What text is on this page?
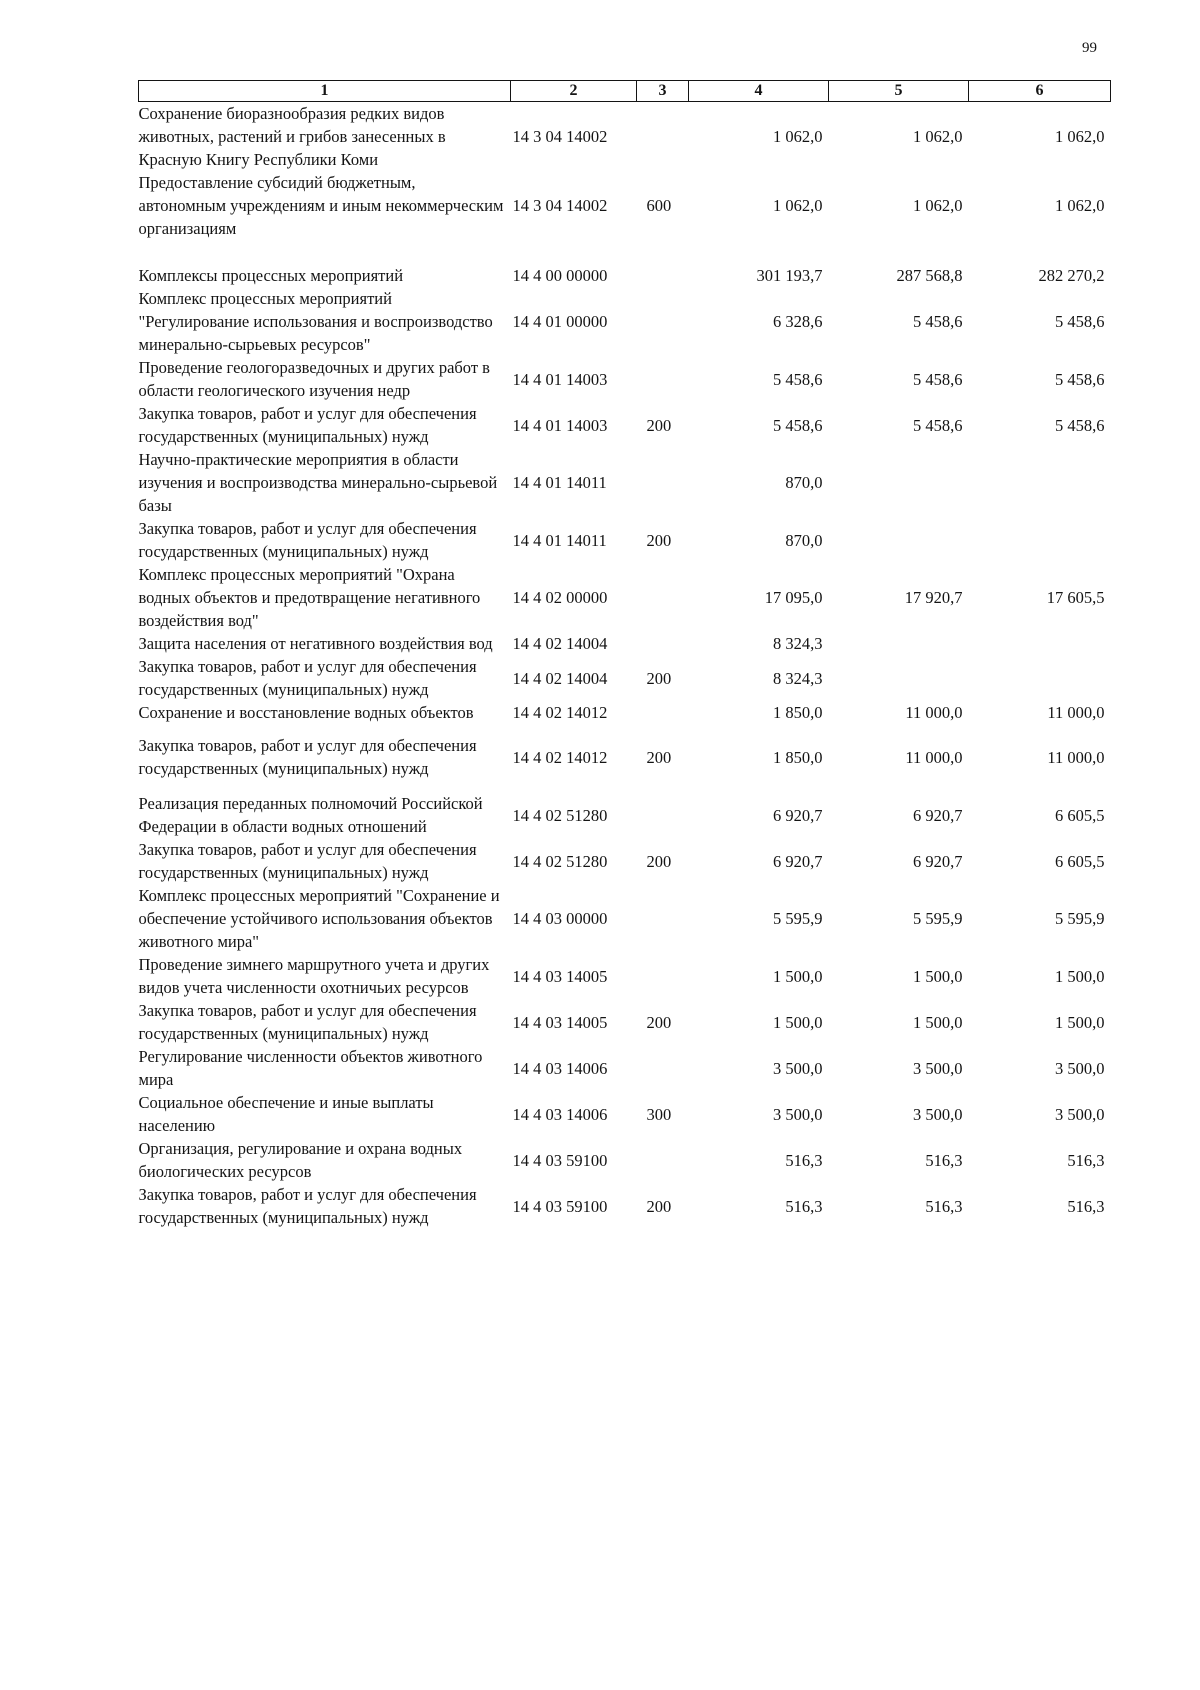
99
1	2	3	4	5	6
Сохранение биоразнообразия редких видов животных, растений и грибов занесенных в Красную Книгу Республики Коми	14 3 04 14002		1 062,0	1 062,0	1 062,0
Предоставление субсидий бюджетным, автономным учреждениям и иным некоммерческим организациям	14 3 04 14002	600	1 062,0	1 062,0	1 062,0
Комплексы процессных мероприятий	14 4 00 00000		301 193,7	287 568,8	282 270,2
Комплекс процессных мероприятий "Регулирование использования и воспроизводство минерально-сырьевых ресурсов"	14 4 01 00000		6 328,6	5 458,6	5 458,6
Проведение геологоразведочных и других работ в области геологического изучения недр	14 4 01 14003		5 458,6	5 458,6	5 458,6
Закупка товаров, работ и услуг для обеспечения государственных (муниципальных) нужд	14 4 01 14003	200	5 458,6	5 458,6	5 458,6
Научно-практические мероприятия в области изучения и воспроизводства минерально-сырьевой базы	14 4 01 14011		870,0		
Закупка товаров, работ и услуг для обеспечения государственных (муниципальных) нужд	14 4 01 14011	200	870,0		
Комплекс процессных мероприятий "Охрана водных объектов и предотвращение негативного воздействия вод"	14 4 02 00000		17 095,0	17 920,7	17 605,5
Защита населения от негативного воздействия вод	14 4 02 14004		8 324,3		
Закупка товаров, работ и услуг для обеспечения государственных (муниципальных) нужд	14 4 02 14004	200	8 324,3		
Сохранение и восстановление водных объектов	14 4 02 14012		1 850,0	11 000,0	11 000,0
Закупка товаров, работ и услуг для обеспечения государственных (муниципальных) нужд	14 4 02 14012	200	1 850,0	11 000,0	11 000,0
Реализация переданных полномочий Российской Федерации в области водных отношений	14 4 02 51280		6 920,7	6 920,7	6 605,5
Закупка товаров, работ и услуг для обеспечения государственных (муниципальных) нужд	14 4 02 51280	200	6 920,7	6 920,7	6 605,5
Комплекс процессных мероприятий "Сохранение и обеспечение устойчивого использования объектов животного мира"	14 4 03 00000		5 595,9	5 595,9	5 595,9
Проведение зимнего маршрутного учета и других видов учета численности охотничьих ресурсов	14 4 03 14005		1 500,0	1 500,0	1 500,0
Закупка товаров, работ и услуг для обеспечения государственных (муниципальных) нужд	14 4 03 14005	200	1 500,0	1 500,0	1 500,0
Регулирование численности объектов животного мира	14 4 03 14006		3 500,0	3 500,0	3 500,0
Социальное обеспечение и иные выплаты населению	14 4 03 14006	300	3 500,0	3 500,0	3 500,0
Организация, регулирование и охрана водных биологических ресурсов	14 4 03 59100		516,3	516,3	516,3
Закупка товаров, работ и услуг для обеспечения государственных (муниципальных) нужд	14 4 03 59100	200	516,3	516,3	516,3
